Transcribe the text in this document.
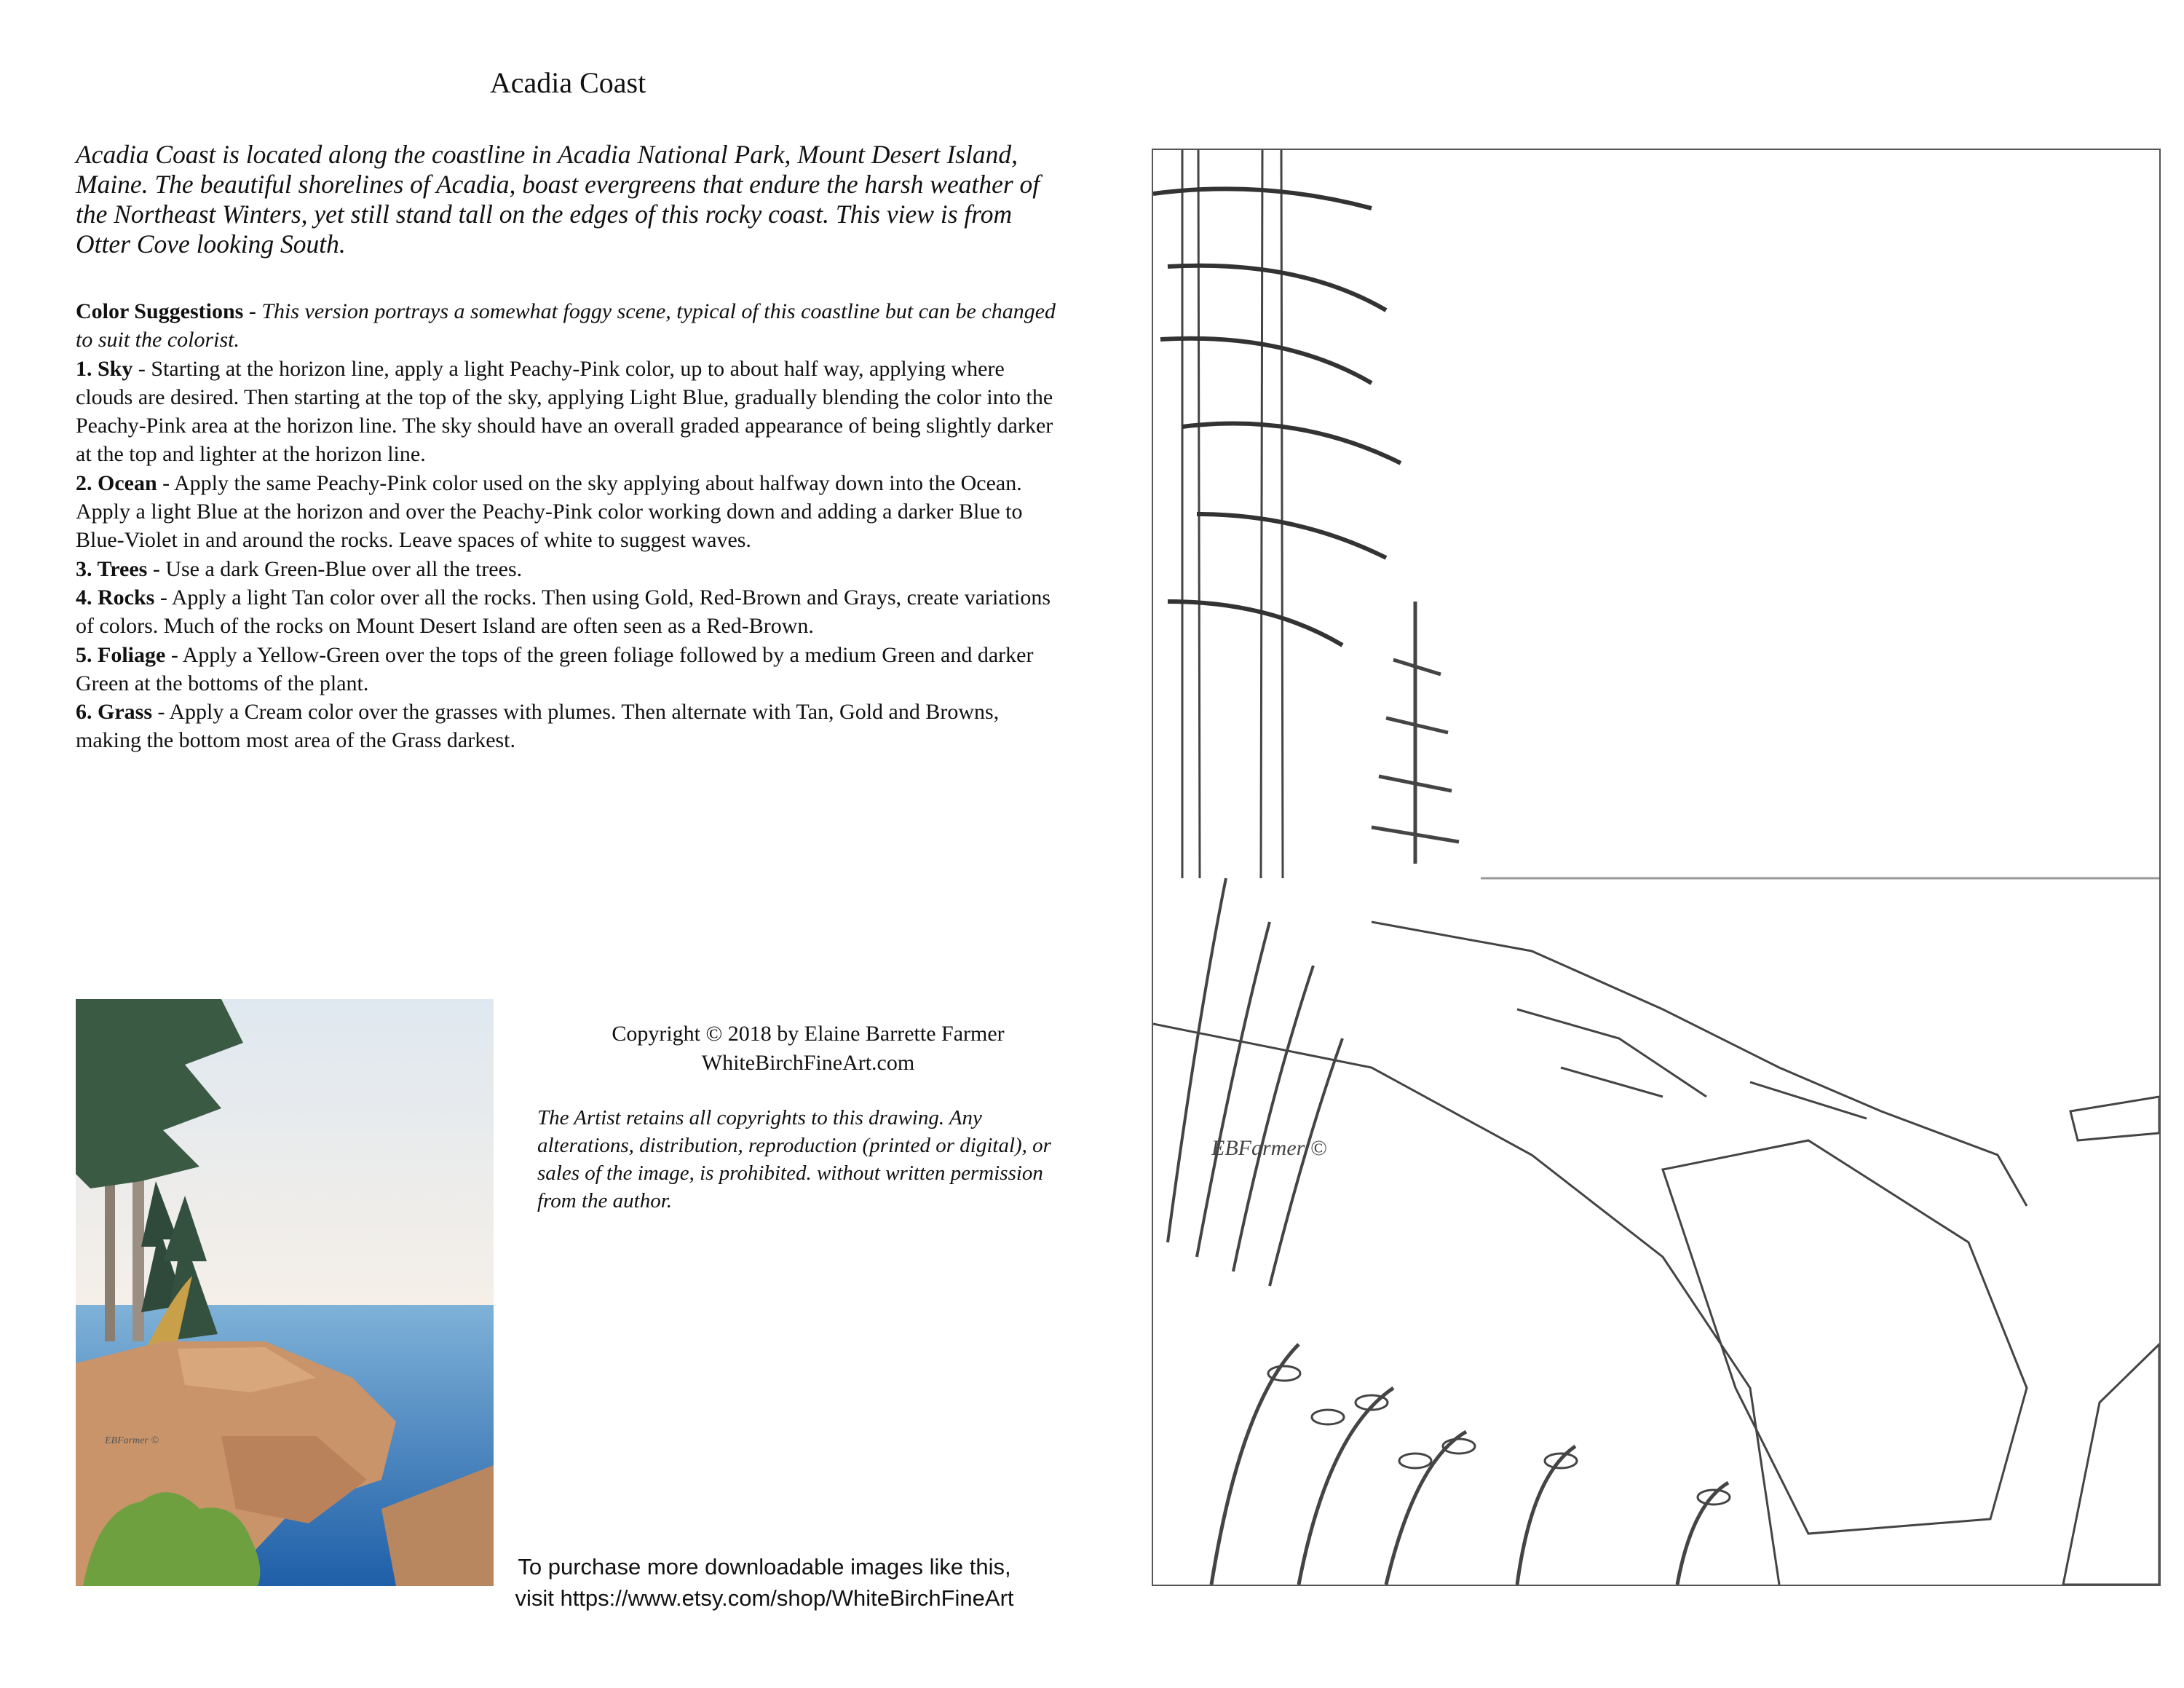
Acadia Coast
Acadia Coast is located along the coastline in Acadia National Park, Mount Desert Island, Maine. The beautiful shorelines of Acadia, boast evergreens that endure the harsh weather of the Northeast Winters, yet still stand tall on the edges of this rocky coast. This view is from Otter Cove looking South.

Color Suggestions - This version portrays a somewhat foggy scene, typical of this coastline but can be changed to suit the colorist.

1. Sky - Starting at the horizon line, apply a light Peachy-Pink color, up to about half way, applying where clouds are desired. Then starting at the top of the sky, applying Light Blue, gradually blending the color into the Peachy-Pink area at the horizon line. The sky should have an overall graded appearance of being slightly darker at the top and lighter at the horizon line.

2. Ocean - Apply the same Peachy-Pink color used on the sky applying about halfway down into the Ocean. Apply a light Blue at the horizon and over the Peachy-Pink color working down and adding a darker Blue to Blue-Violet in and around the rocks. Leave spaces of white to suggest waves.

3. Trees - Use a dark Green-Blue over all the trees.

4. Rocks - Apply a light Tan color over all the rocks. Then using Gold, Red-Brown and Grays, create variations of colors. Much of the rocks on Mount Desert Island are often seen as a Red-Brown.

5. Foliage - Apply a Yellow-Green over the tops of the green foliage followed by a medium Green and darker Green at the bottoms of the plant.

6. Grass - Apply a Cream color over the grasses with plumes. Then alternate with Tan, Gold and Browns, making the bottom most area of the Grass darkest.

EBFarmer ©
Copyright © 2018 by Elaine Barrette Farmer
WhiteBirchFineArt.com
The Artist retains all copyrights to this drawing. Any alterations, distribution, reproduction (printed or digital), or sales of the image, is prohibited. without written permission from the author.
To purchase more downloadable images like this,
visit https://www.etsy.com/shop/WhiteBirchFineArt
EBFarmer ©
